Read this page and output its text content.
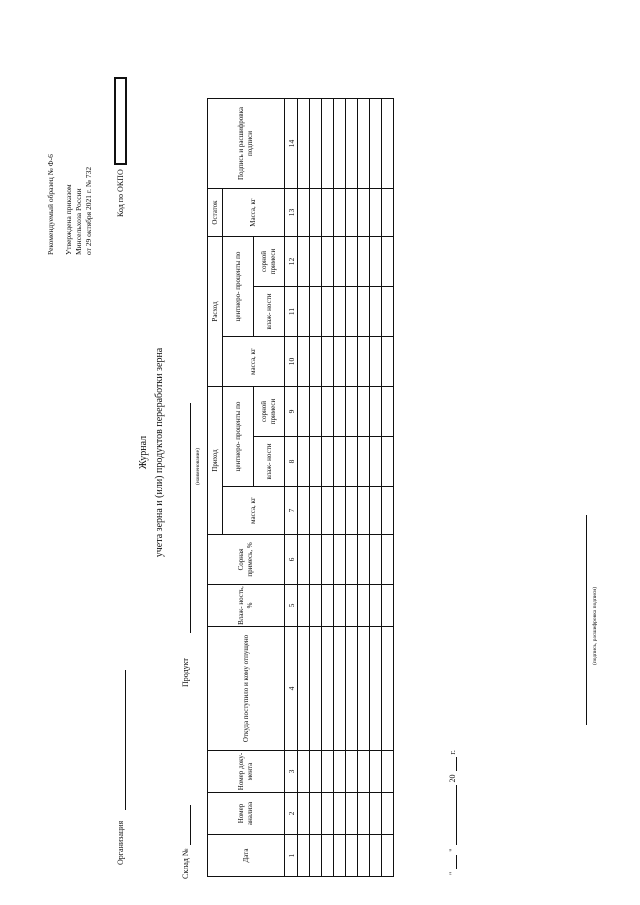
Рекомендуемый образец № Ф-6 Утверждена приказом Минсельхоза России от 29 октября 2021 г. № 732	Код по ОКПО
Организация
Журнал учета зерна и (или) продуктов переработки зерна
Склад №
Продукт
(наименование)
Дата	Номер анализа	Номер доку- мента	Откуда поступило и кому отпущено	Влаж- ность, %	Сорная примесь, %	Приход			Расход			Остаток	Подпись и расшифровка подписи
						масса, кг	центнеро- проценты по		масса, кг	центнеро- проценты по		Масса, кг	
							влаж- ности	сорной примеси		влаж- ности	сорной примеси		
1	2	3	4	5	6	7	8	9	10	11	12	13	14

"
"
20
г.
(подпись, расшифровка подписи)
